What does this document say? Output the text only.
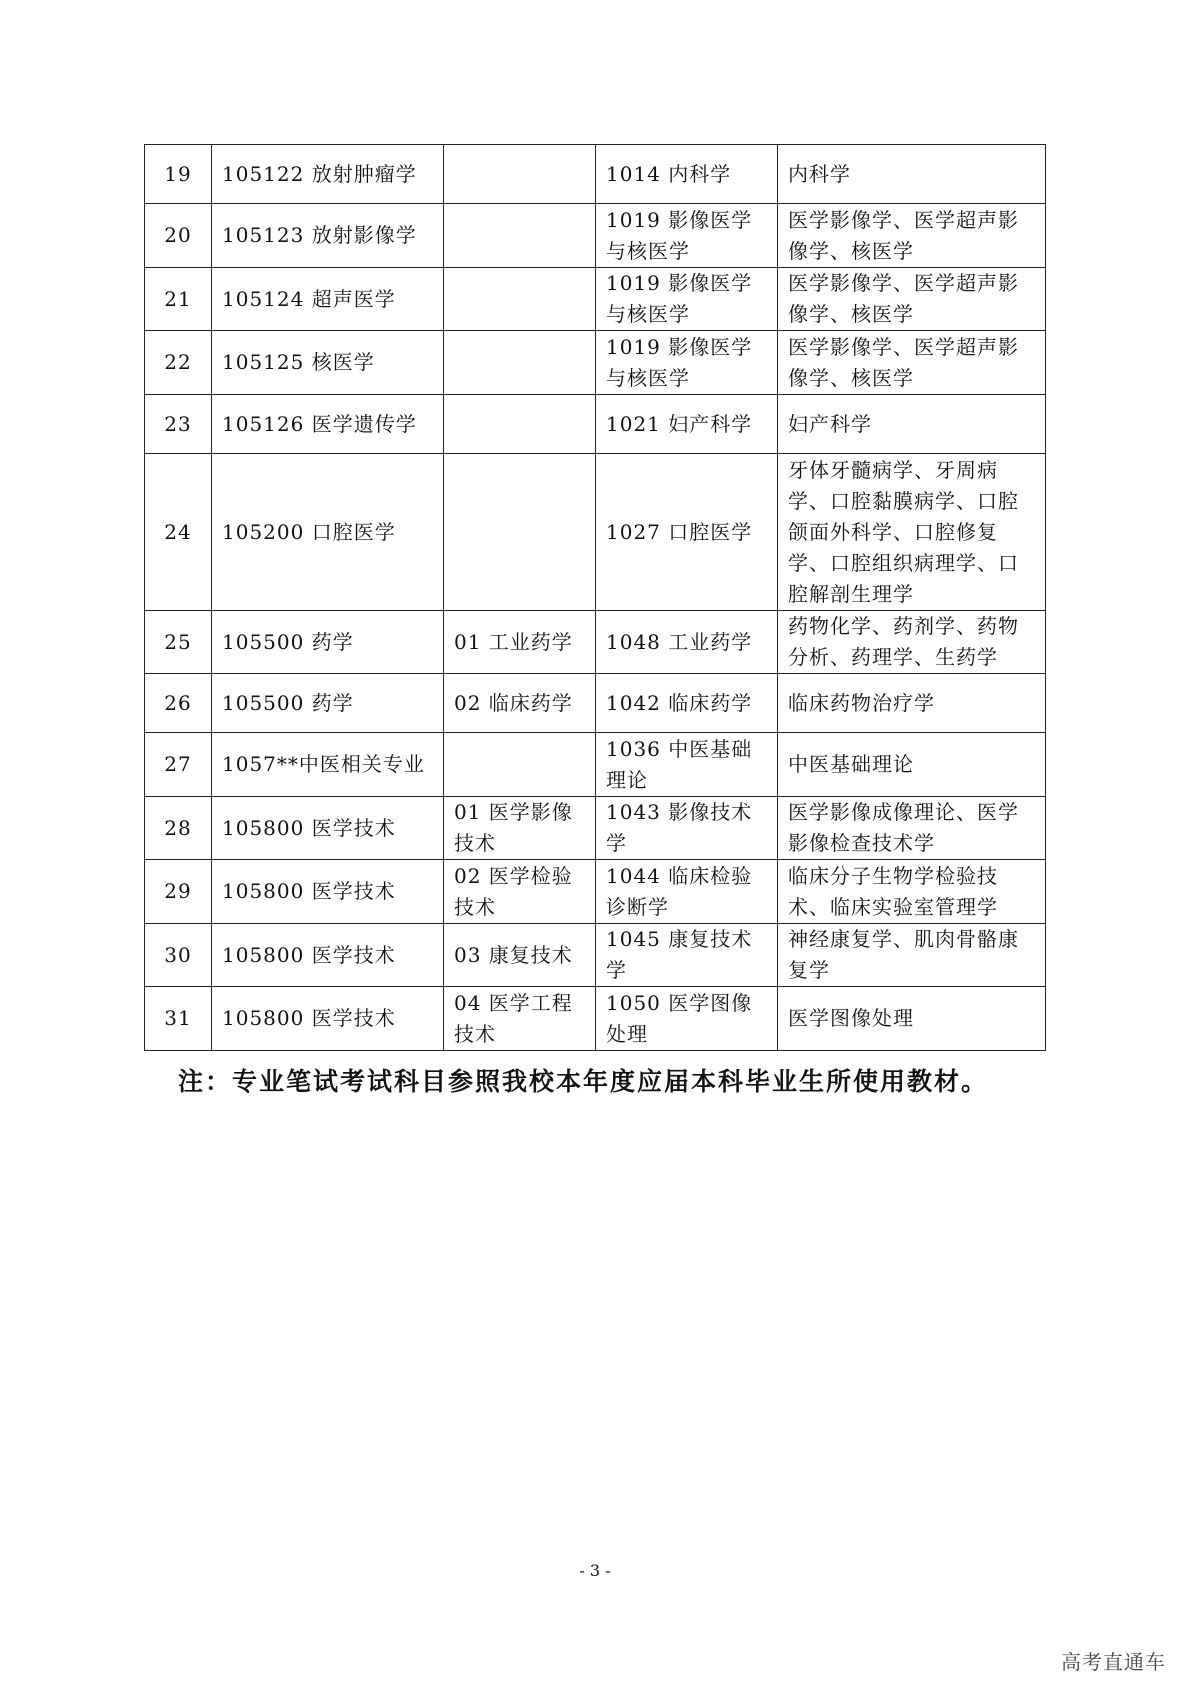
19	105122 放射肿瘤学		1014 内科学	内科学
20	105123 放射影像学		1019 影像医学与核医学	医学影像学、医学超声影像学、核医学
21	105124 超声医学		1019 影像医学与核医学	医学影像学、医学超声影像学、核医学
22	105125 核医学		1019 影像医学与核医学	医学影像学、医学超声影像学、核医学
23	105126 医学遗传学		1021 妇产科学	妇产科学
24	105200 口腔医学		1027 口腔医学	牙体牙髓病学、牙周病学、口腔黏膜病学、口腔颌面外科学、口腔修复学、口腔组织病理学、口腔解剖生理学
25	105500 药学	01 工业药学	1048 工业药学	药物化学、药剂学、药物分析、药理学、生药学
26	105500 药学	02 临床药学	1042 临床药学	临床药物治疗学
27	1057**中医相关专业		1036 中医基础理论	中医基础理论
28	105800 医学技术	01 医学影像技术	1043 影像技术学	医学影像成像理论、医学影像检查技术学
29	105800 医学技术	02 医学检验技术	1044 临床检验诊断学	临床分子生物学检验技术、临床实验室管理学
30	105800 医学技术	03 康复技术	1045 康复技术学	神经康复学、肌肉骨骼康复学
31	105800 医学技术	04 医学工程技术	1050 医学图像处理	医学图像处理
注：专业笔试考试科目参照我校本年度应届本科毕业生所使用教材。
- 3 -
高考直通车
